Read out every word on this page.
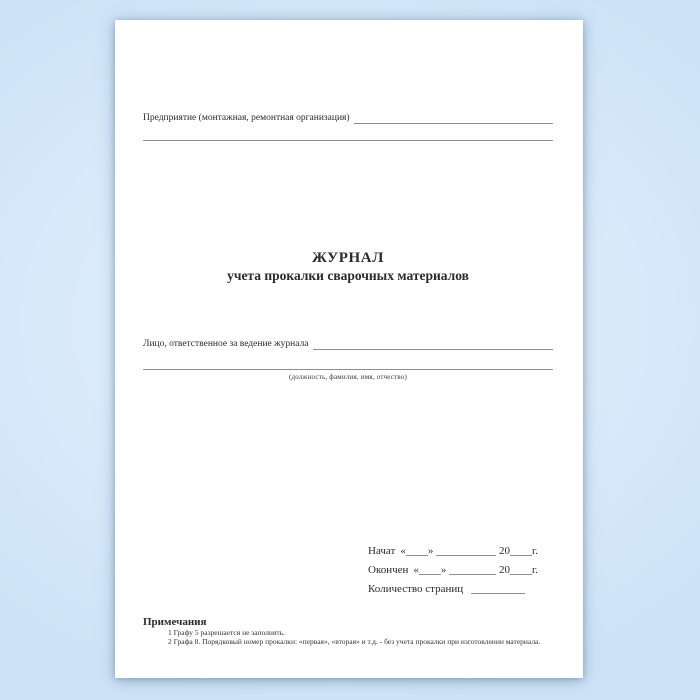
Предприятие (монтажная, ремонтная организация)
ЖУРНАЛ
учета прокалки сварочных материалов
Лицо, ответственное за ведение журнала
(должность, фамилия, имя, отчество)
Начат «____»	20____ г.
Окончен «____»	20____ г.
Количество страниц
Примечания
1 Графу 5 разрешается не заполнять.
2 Графа 8. Порядковый номер прокалки: «первая», «вторая» и т.д. - без учета прокалки при изготовлении материала.
